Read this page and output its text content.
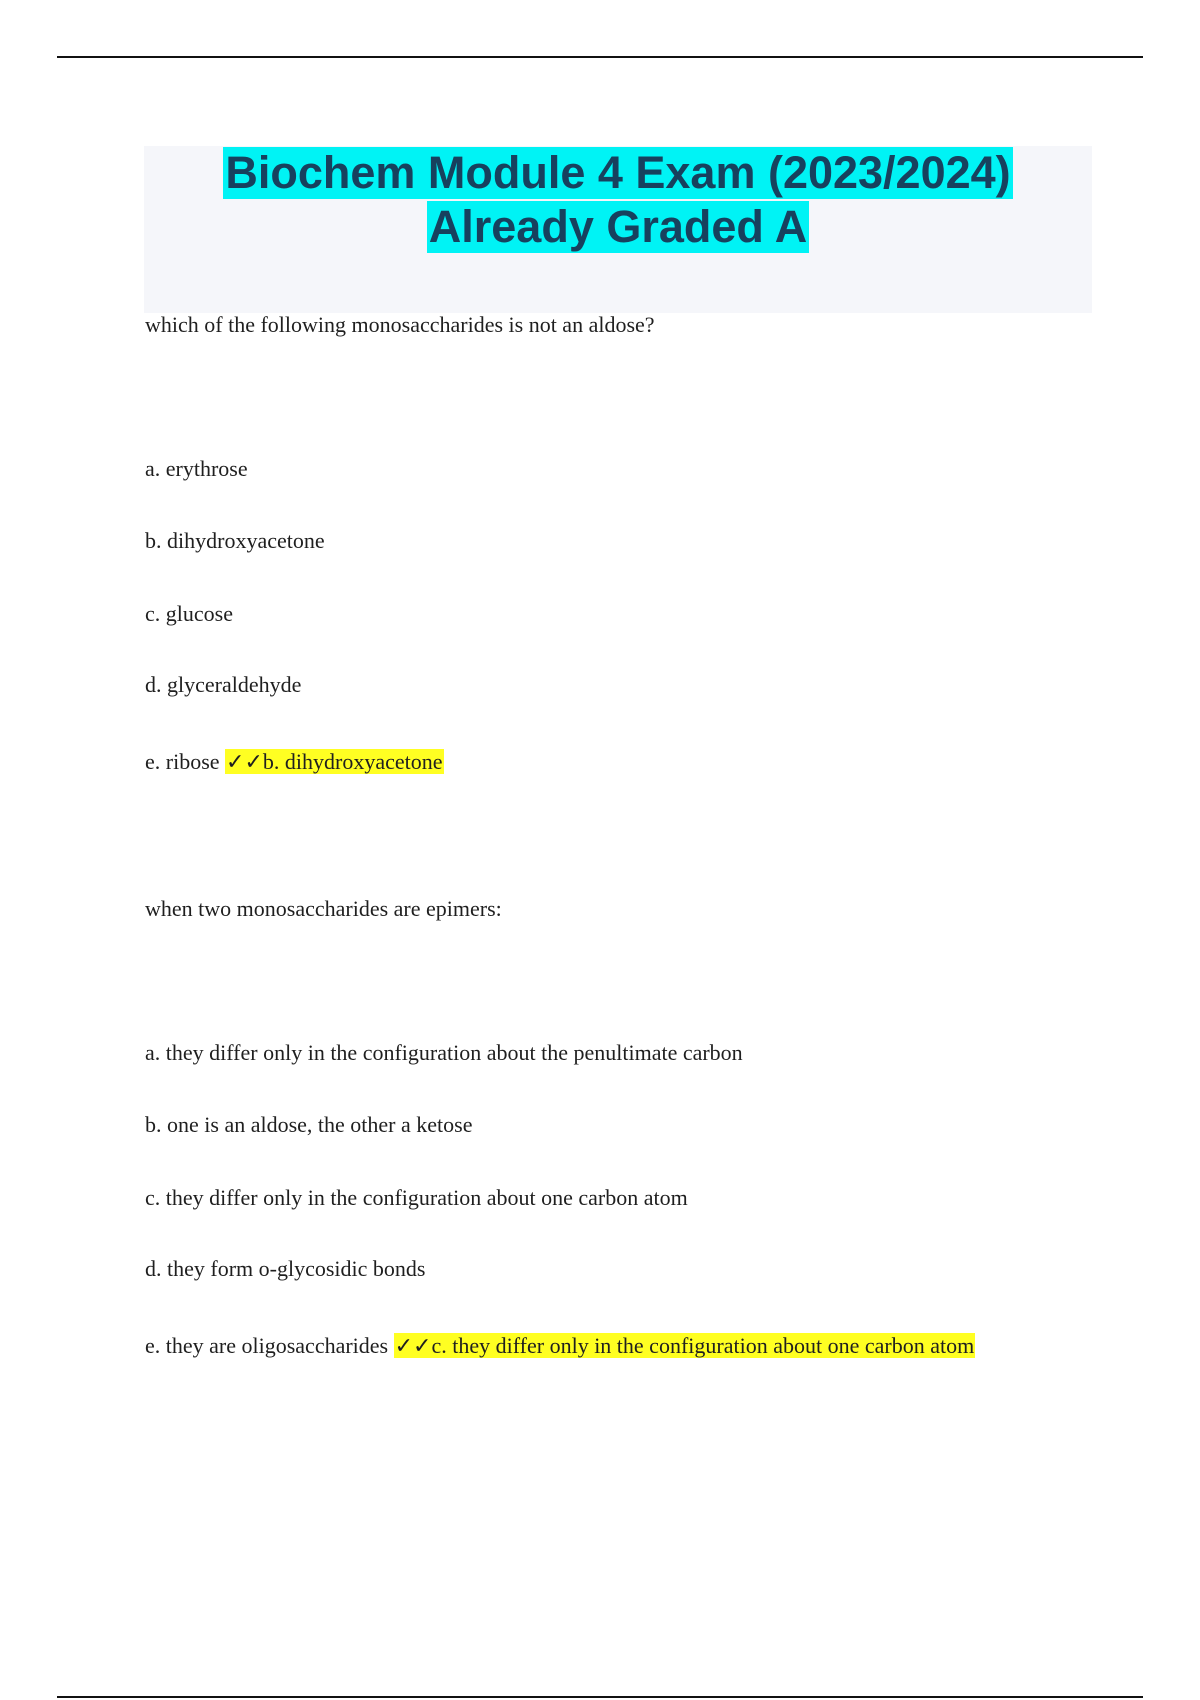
Biochem Module 4 Exam (2023/2024)
Already Graded A
which of the following monosaccharides is not an aldose?
a. erythrose
b. dihydroxyacetone
c. glucose
d. glyceraldehyde
e. ribose ✓✓b. dihydroxyacetone
when two monosaccharides are epimers:
a. they differ only in the configuration about the penultimate carbon
b. one is an aldose, the other a ketose
c. they differ only in the configuration about one carbon atom
d. they form o-glycosidic bonds
e. they are oligosaccharides ✓✓c. they differ only in the configuration about one carbon atom
